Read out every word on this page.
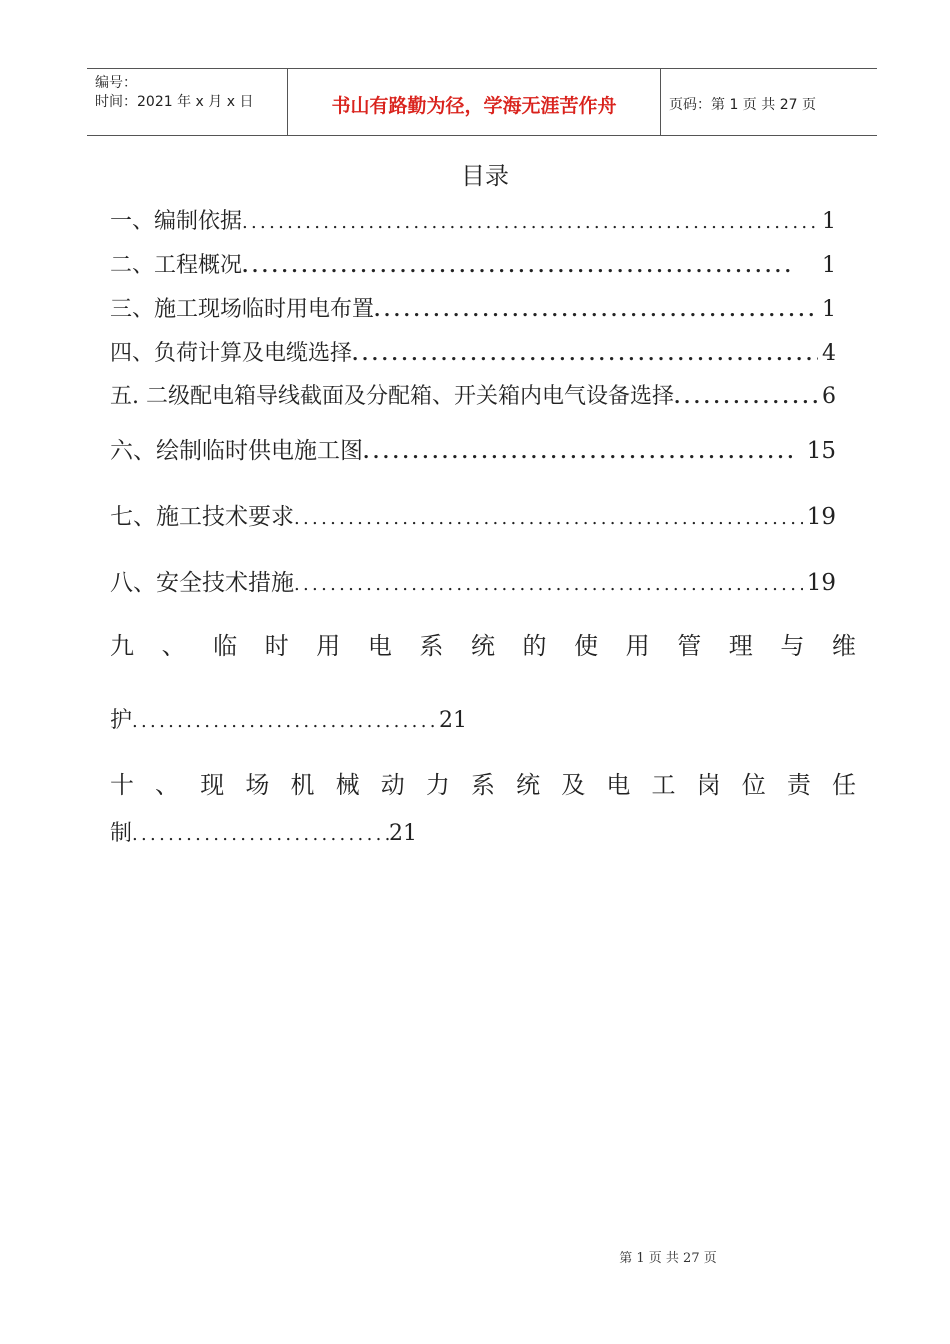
编号：
时间：2021 年 x 月 x 日	书山有路勤为径，学海无涯苦作舟	页码：第 1 页 共 27 页
目录
一、编制依据 .....	1
二、工程概况 .....	1
三、施工现场临时用电布置 .....	1
四、负荷计算及电缆选择 .....	4
五. 二级配电箱导线截面及分配箱、开关箱内电气设备选择 .....	6
六、绘制临时供电施工图 .....	15
七、施工技术要求 .....	19
八、安全技术措施 .....	19
九 、 临 时 用 电 系 统 的 使 用 管 理 与 维
护 .....	21
十 、 现 场 机 械 动 力 系 统 及 电 工 岗 位 责 任
制 .....	21
第 1 页 共 27 页
